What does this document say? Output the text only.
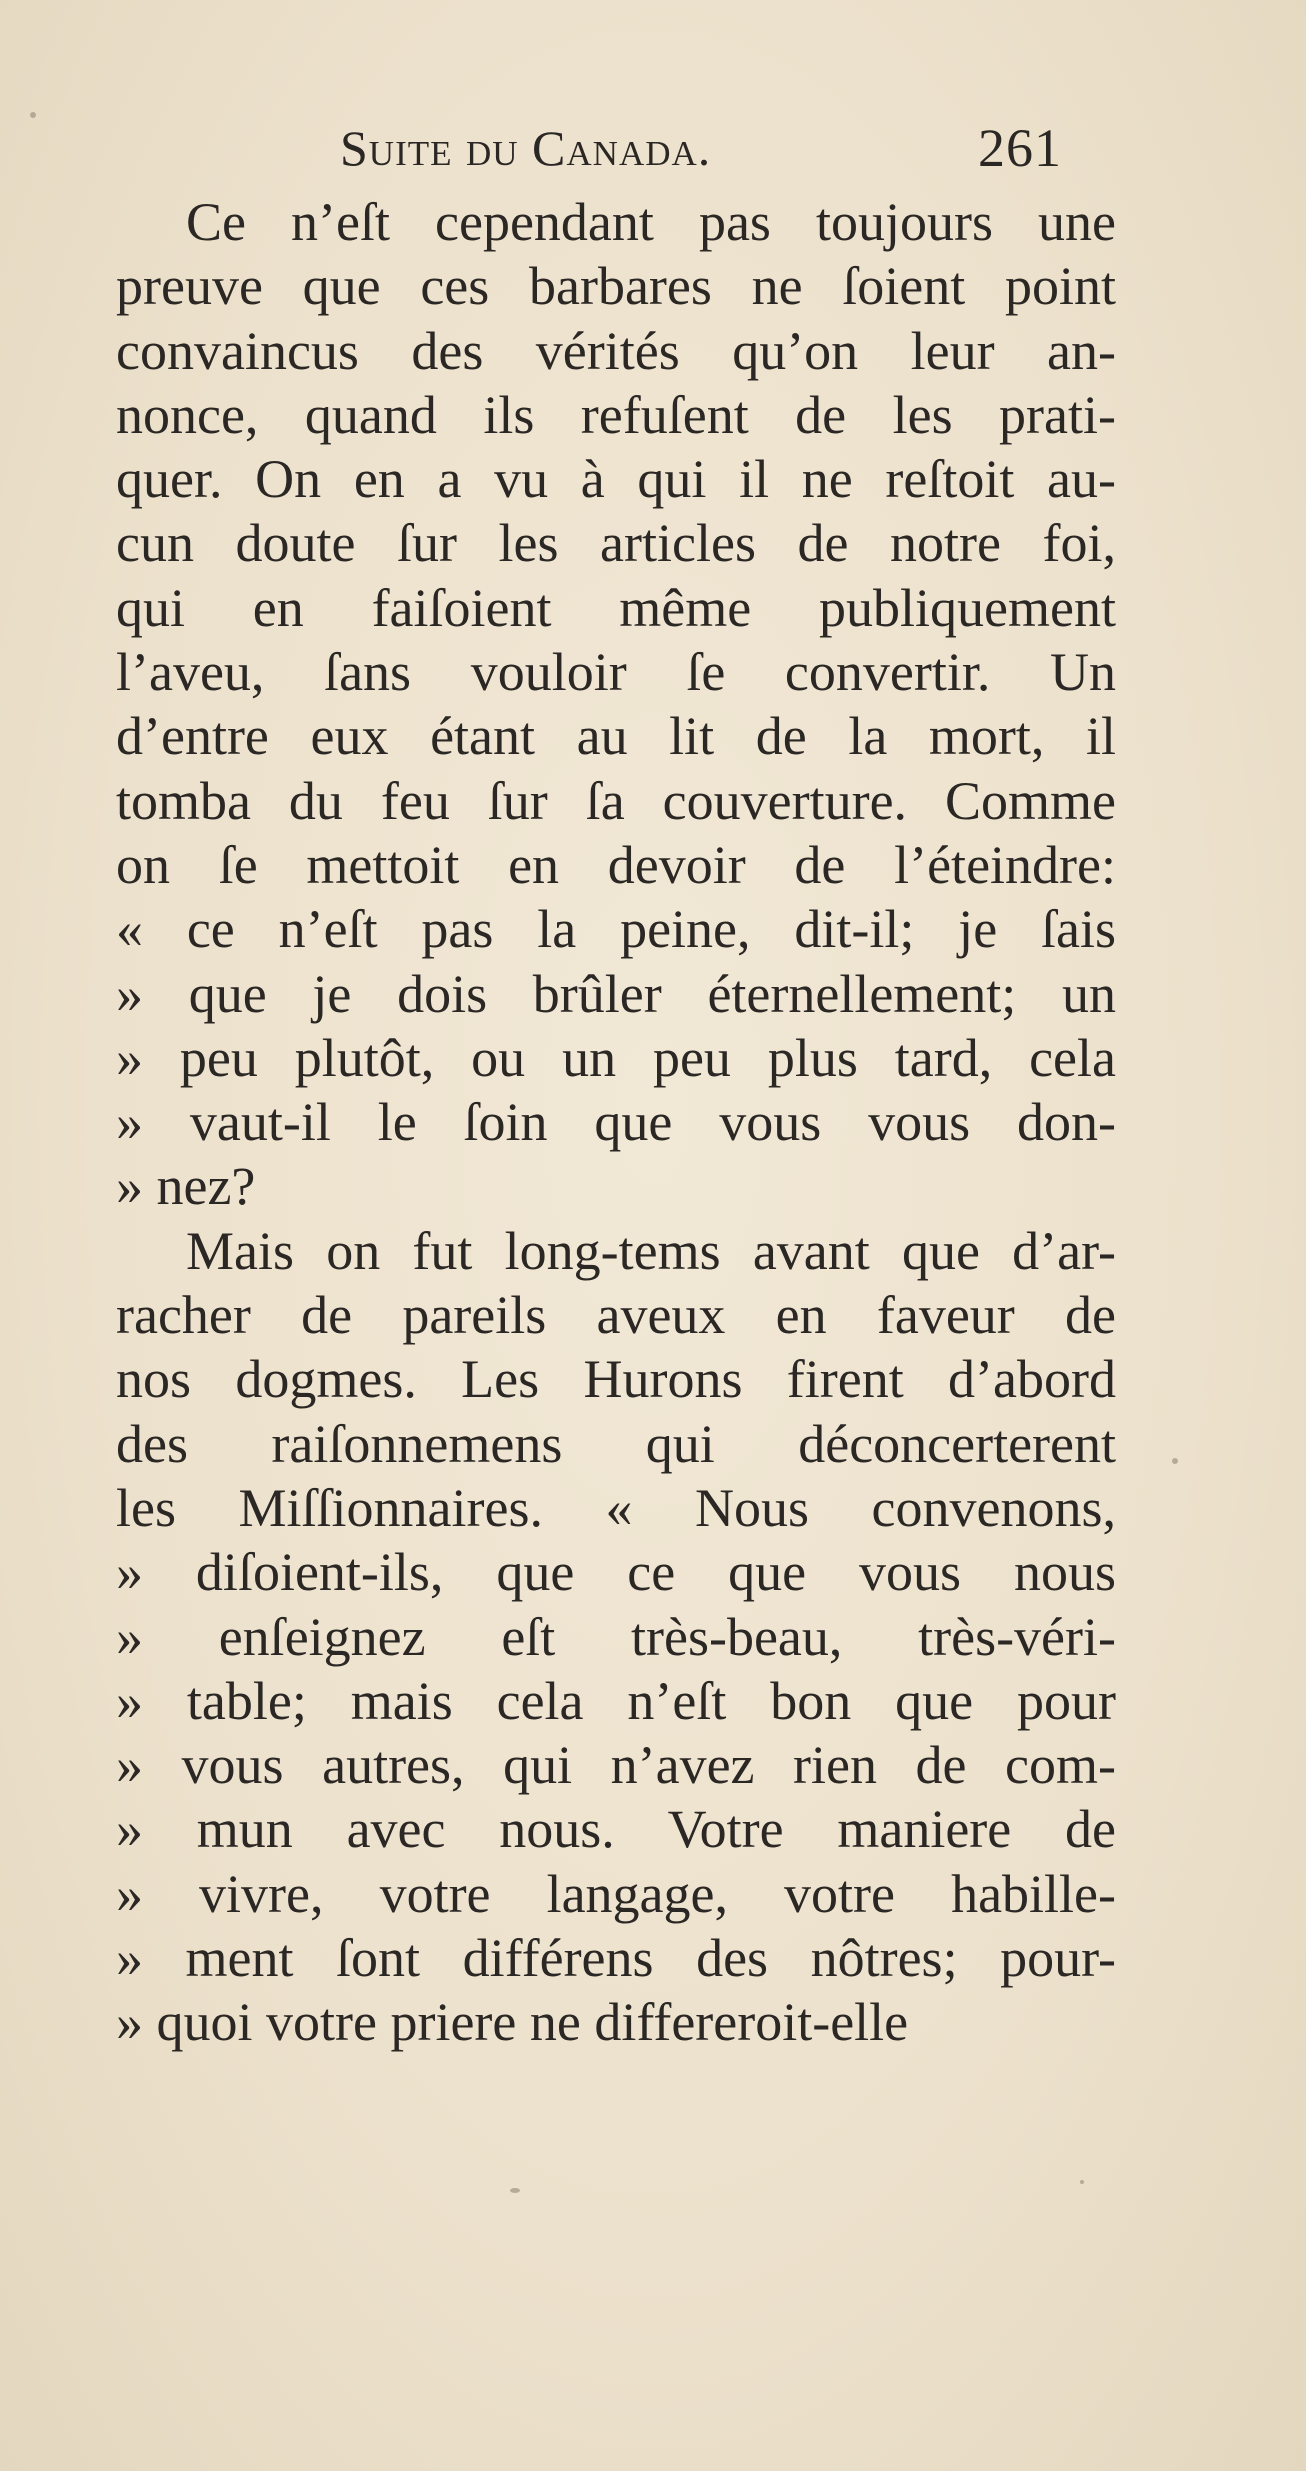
Suite du Canada.	261
Ce n’eſt cependant pas toujours une
preuve que ces barbares ne ſoient point
convaincus des vérités qu’on leur an-
nonce, quand ils refuſent de les prati-
quer. On en a vu à qui il ne reſtoit au-
cun doute ſur les articles de notre foi,
qui en faiſoient même publiquement
l’aveu, ſans vouloir ſe convertir. Un
d’entre eux étant au lit de la mort, il
tomba du feu ſur ſa couverture. Comme
on ſe mettoit en devoir de l’éteindre:
« ce n’eſt pas la peine, dit-il; je ſais
» que je dois brûler éternellement; un
» peu plutôt, ou un peu plus tard, cela
» vaut-il le ſoin que vous vous don-
» nez?
Mais on fut long-tems avant que d’ar-
racher de pareils aveux en faveur de
nos dogmes. Les Hurons firent d’abord
des raiſonnemens qui déconcerterent
les Miſſionnaires. « Nous convenons,
» diſoient-ils, que ce que vous nous
» enſeignez eſt très-beau, très-véri-
» table; mais cela n’eſt bon que pour
» vous autres, qui n’avez rien de com-
» mun avec nous. Votre maniere de
» vivre, votre langage, votre habille-
» ment ſont différens des nôtres; pour-
» quoi votre priere ne differeroit-elle
